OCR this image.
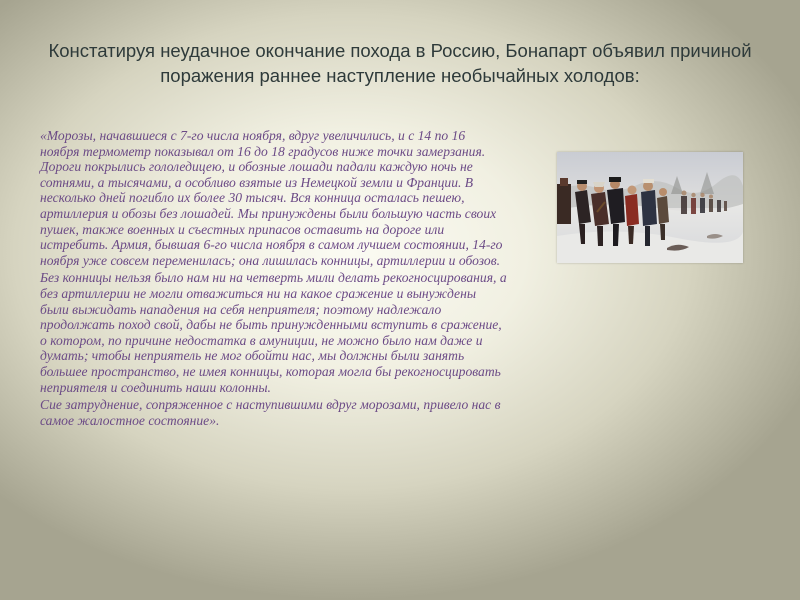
Констатируя неудачное окончание похода в Россию, Бонапарт объявил причиной поражения раннее наступление необычайных холодов:

«Морозы, начавшиеся с 7-го числа ноября, вдруг увеличились, и с 14 по 16 ноября термометр показывал от 16 до 18 градусов ниже точки замерзания. Дороги покрылись гололедицею, и обозные лошади падали каждую ночь не сотнями, а тысячами, а особливо взятые из Немецкой земли и Франции. В несколько дней погибло их более 30 тысяч. Вся конница осталась пешею, артиллерия и обозы без лошадей. Мы принуждены были большую часть своих пушек, также военных и съестных припасов оставить на дороге или истребить. Армия, бывшая 6-го числа ноября в самом лучшем состоянии, 14-го ноября уже совсем переменилась; она лишилась конницы, артиллерии и обозов.

Без конницы нельзя было нам ни на четверть мили делать рекогносцирования, а без артиллерии не могли отважиться ни на какое сражение и вынуждены были выжидать нападения на себя неприятеля; поэтому надлежало продолжать поход свой, дабы не быть принужденными вступить в сражение, о котором, по причине недостатка в амуниции, не можно было нам даже и думать; чтобы неприятель не мог обойти нас, мы должны были занять большее пространство, не имея конницы, которая могла бы рекогносцировать неприятеля и соединить наши колонны.

Сие затруднение, сопряженное с наступившими вдруг морозами, привело нас в самое жалостное состояние».
